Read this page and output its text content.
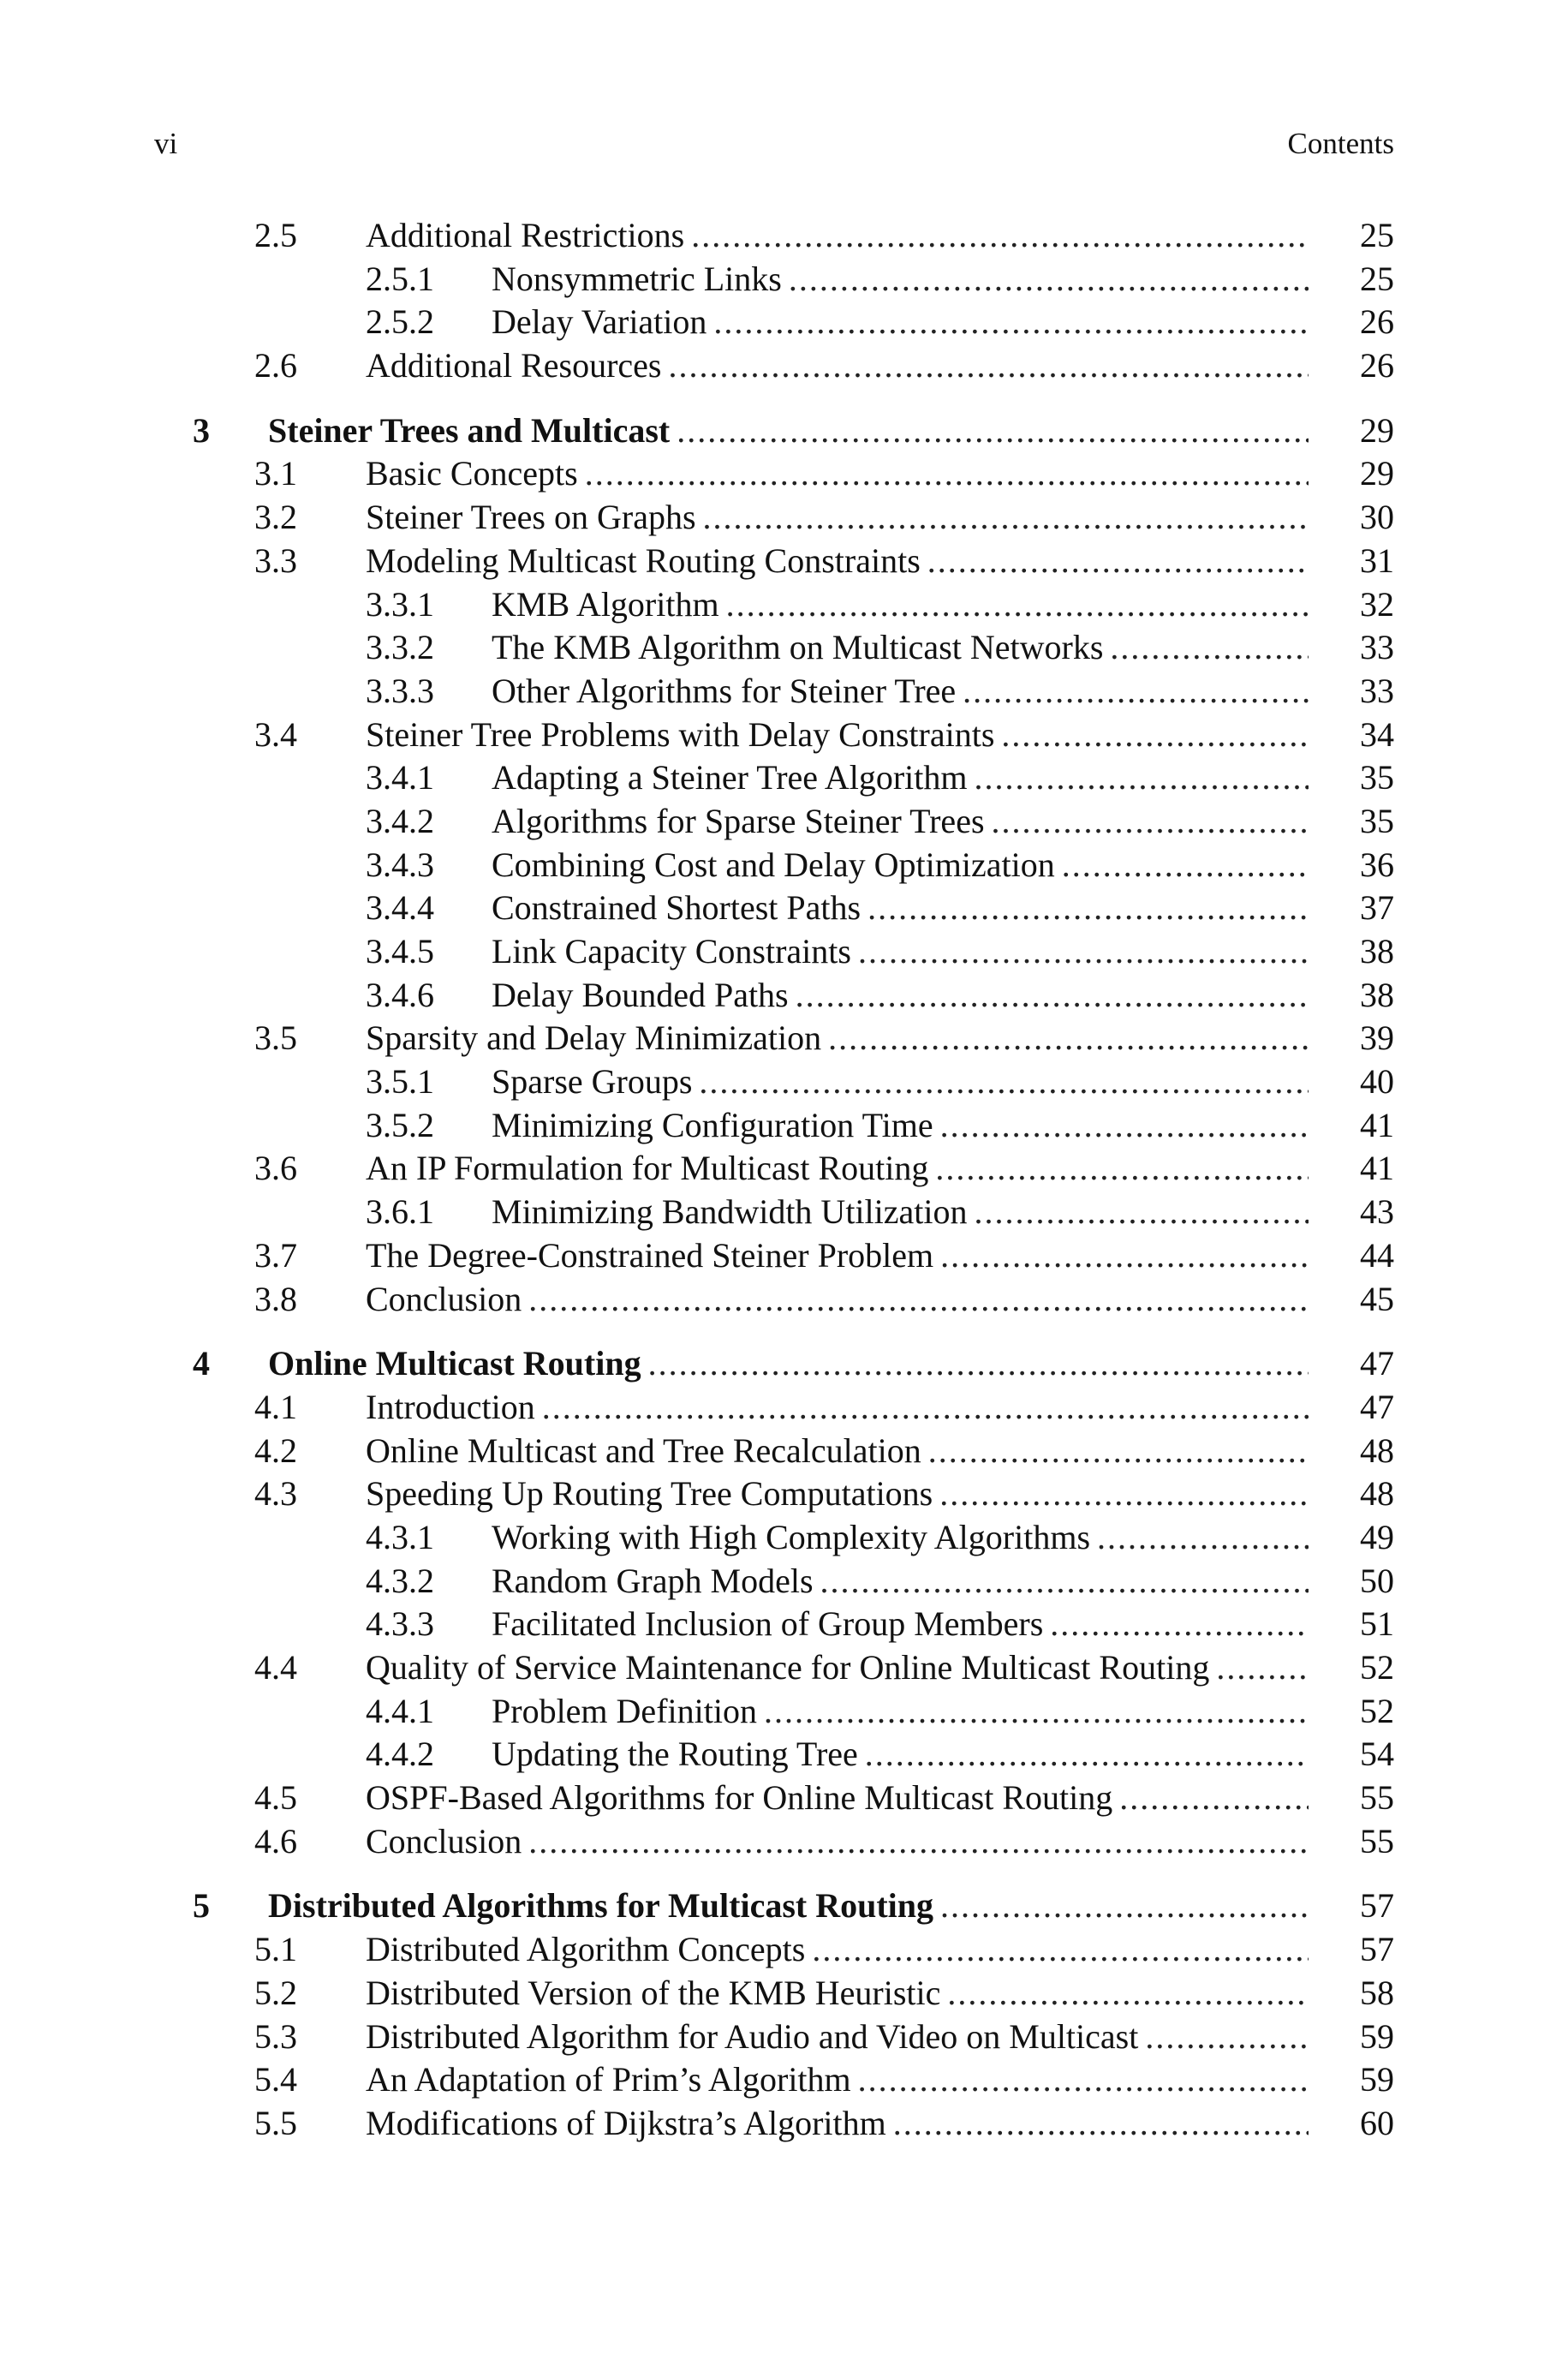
vi	Contents
2.5 Additional Restrictions . . .	25
2.5.1 Nonsymmetric Links . . .	25
2.5.2 Delay Variation . . .	26
2.6 Additional Resources . . .	26
3 Steiner Trees and Multicast . . .	29
3.1 Basic Concepts . . .	29
3.2 Steiner Trees on Graphs . . .	30
3.3 Modeling Multicast Routing Constraints . . .	31
3.3.1 KMB Algorithm . . .	32
3.3.2 The KMB Algorithm on Multicast Networks . . .	33
3.3.3 Other Algorithms for Steiner Tree . . .	33
3.4 Steiner Tree Problems with Delay Constraints . . .	34
3.4.1 Adapting a Steiner Tree Algorithm . . .	35
3.4.2 Algorithms for Sparse Steiner Trees . . .	35
3.4.3 Combining Cost and Delay Optimization . . .	36
3.4.4 Constrained Shortest Paths . . .	37
3.4.5 Link Capacity Constraints . . .	38
3.4.6 Delay Bounded Paths . . .	38
3.5 Sparsity and Delay Minimization . . .	39
3.5.1 Sparse Groups . . .	40
3.5.2 Minimizing Configuration Time . . .	41
3.6 An IP Formulation for Multicast Routing . . .	41
3.6.1 Minimizing Bandwidth Utilization . . .	43
3.7 The Degree-Constrained Steiner Problem . . .	44
3.8 Conclusion . . .	45
4 Online Multicast Routing . . .	47
4.1 Introduction . . .	47
4.2 Online Multicast and Tree Recalculation . . .	48
4.3 Speeding Up Routing Tree Computations . . .	48
4.3.1 Working with High Complexity Algorithms . . .	49
4.3.2 Random Graph Models . . .	50
4.3.3 Facilitated Inclusion of Group Members . . .	51
4.4 Quality of Service Maintenance for Online Multicast Routing . . .	52
4.4.1 Problem Definition . . .	52
4.4.2 Updating the Routing Tree . . .	54
4.5 OSPF-Based Algorithms for Online Multicast Routing . . .	55
4.6 Conclusion . . .	55
5 Distributed Algorithms for Multicast Routing . . .	57
5.1 Distributed Algorithm Concepts . . .	57
5.2 Distributed Version of the KMB Heuristic . . .	58
5.3 Distributed Algorithm for Audio and Video on Multicast . . .	59
5.4 An Adaptation of Prim’s Algorithm . . .	59
5.5 Modifications of Dijkstra’s Algorithm . . .	60
